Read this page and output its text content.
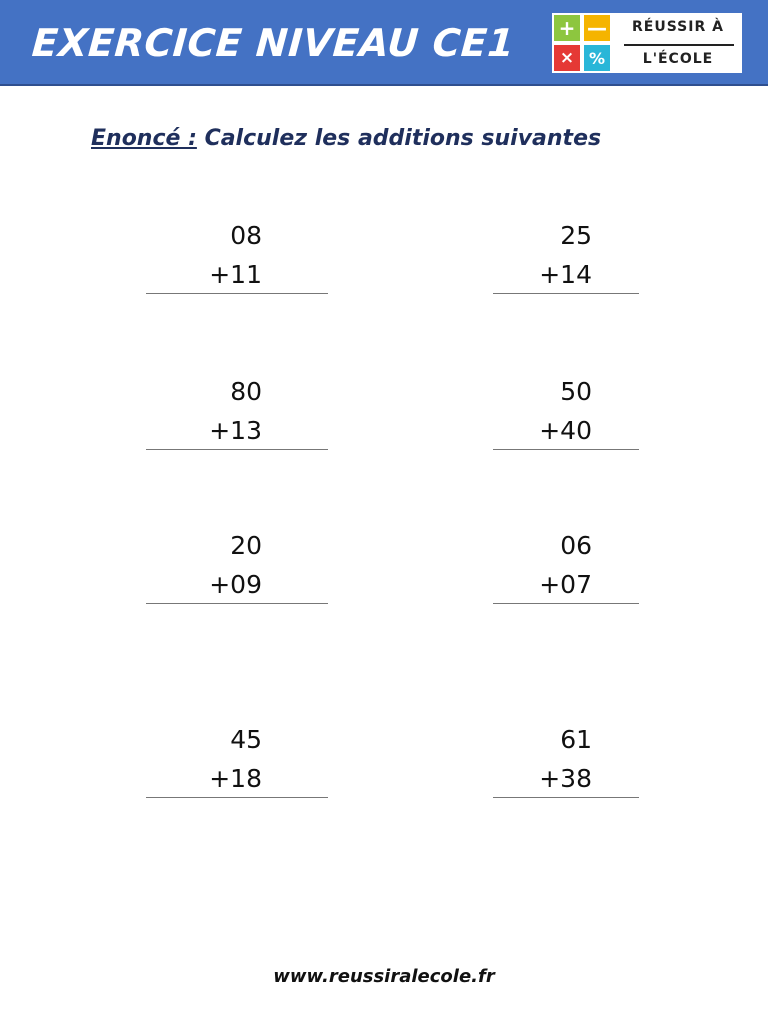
EXERCICE NIVEAU CE1 + —
× %
RÉUSSIR À
L'ÉCOLE
Enoncé : Calculez les additions suivantes
08
+11
25
+14
80
+13
50
+40
20
+09
06
+07
45
+18
61
+38
www.reussiralecole.fr
